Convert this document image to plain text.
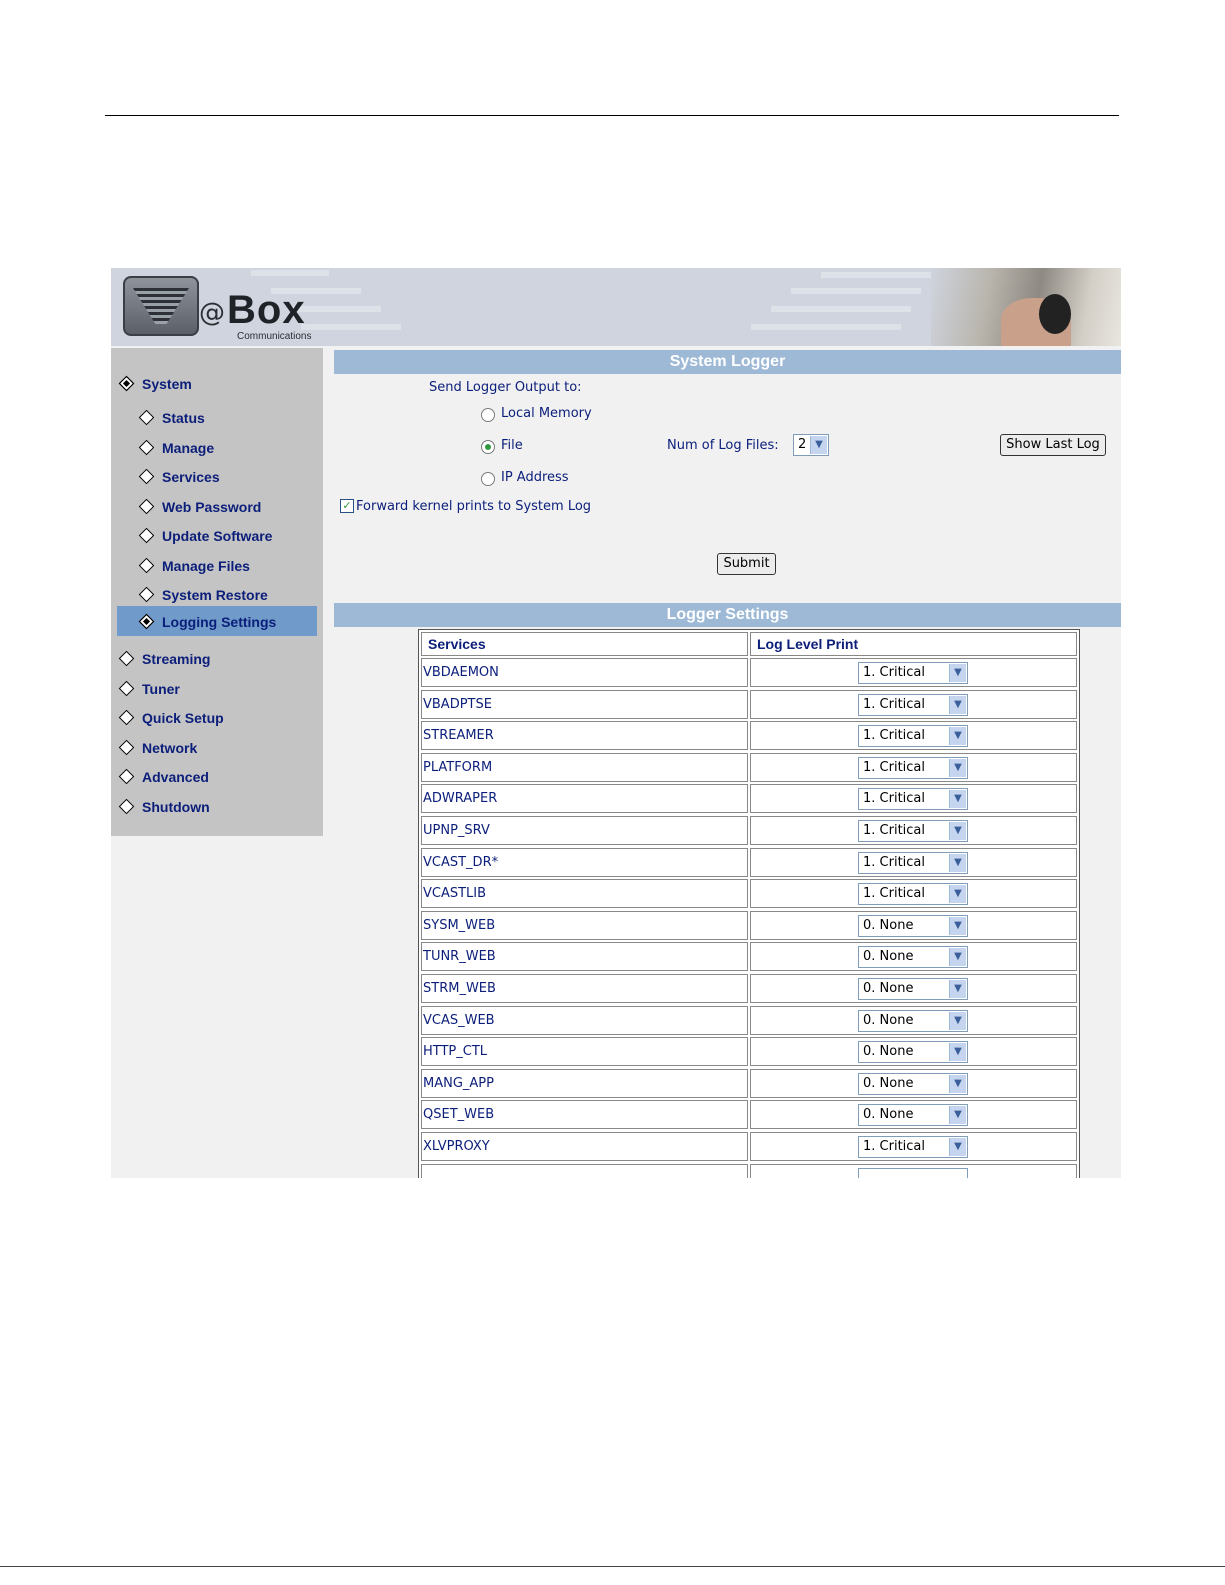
@ Box
Communications
System
Status
Manage
Services
Web Password
Update Software
Manage Files
System Restore
Logging Settings
Streaming
Tuner
Quick Setup
Network
Advanced
Shutdown
System Logger
Send Logger Output to:
Local Memory
File	Num of Log Files: 2 ▼	Show Last Log
IP Address
✓ Forward kernel prints to System Log
Submit
Logger Settings
Services	Log Level Print
VBDAEMON	1. Critical	▼
VBADPTSE	1. Critical	▼
STREAMER	1. Critical	▼
PLATFORM	1. Critical	▼
ADWRAPER	1. Critical	▼
UPNP_SRV	1. Critical	▼
VCAST_DR*	1. Critical	▼
VCASTLIB	1. Critical	▼
SYSM_WEB	0. None	▼
TUNR_WEB	0. None	▼
STRM_WEB	0. None	▼
VCAS_WEB	0. None	▼
HTTP_CTL	0. None	▼
MANG_APP	0. None	▼
QSET_WEB	0. None	▼
XLVPROXY	1. Critical	▼
